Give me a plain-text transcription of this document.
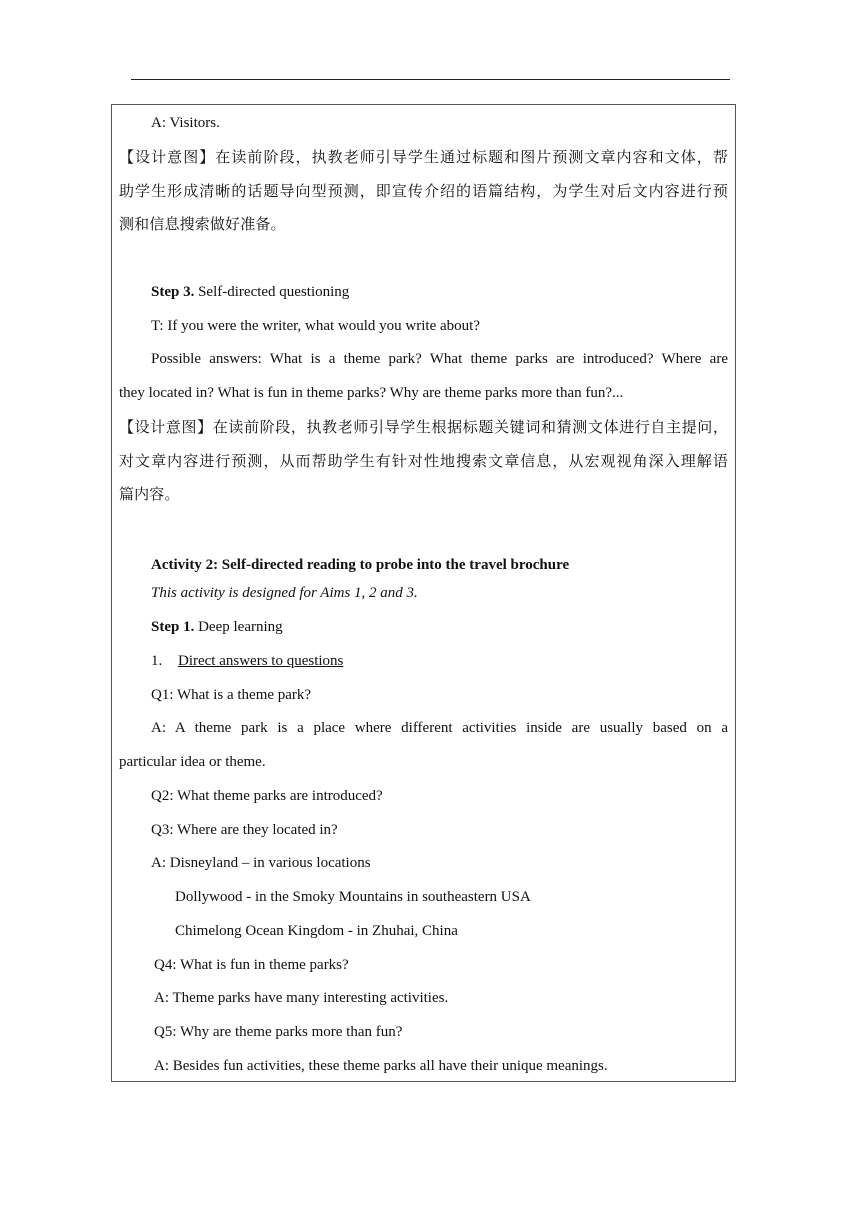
A: Visitors.
【设计意图】在读前阶段，执教老师引导学生通过标题和图片预测文章内容和文体，帮
助学生形成清晰的话题导向型预测，即宣传介绍的语篇结构，为学生对后文内容进行预
测和信息搜索做好准备。
Step 3. Self-directed questioning
T: If you were the writer, what would you write about?
Possible answers: What is a theme park? What theme parks are introduced? Where are
they located in? What is fun in theme parks? Why are theme parks more than fun?...
【设计意图】在读前阶段，执教老师引导学生根据标题关键词和猜测文体进行自主提问，
对文章内容进行预测，从而帮助学生有针对性地搜索文章信息，从宏观视角深入理解语
篇内容。
Activity 2: Self-directed reading to probe into the travel brochure
This activity is designed for Aims 1, 2 and 3.
Step 1. Deep learning
1. Direct answers to questions
Q1: What is a theme park?
A: A theme park is a place where different activities inside are usually based on a
particular idea or theme.
Q2: What theme parks are introduced?
Q3: Where are they located in?
A: Disneyland – in various locations
Dollywood - in the Smoky Mountains in southeastern USA
Chimelong Ocean Kingdom - in Zhuhai, China
Q4: What is fun in theme parks?
A: Theme parks have many interesting activities.
Q5: Why are theme parks more than fun?
A: Besides fun activities, these theme parks all have their unique meanings.
